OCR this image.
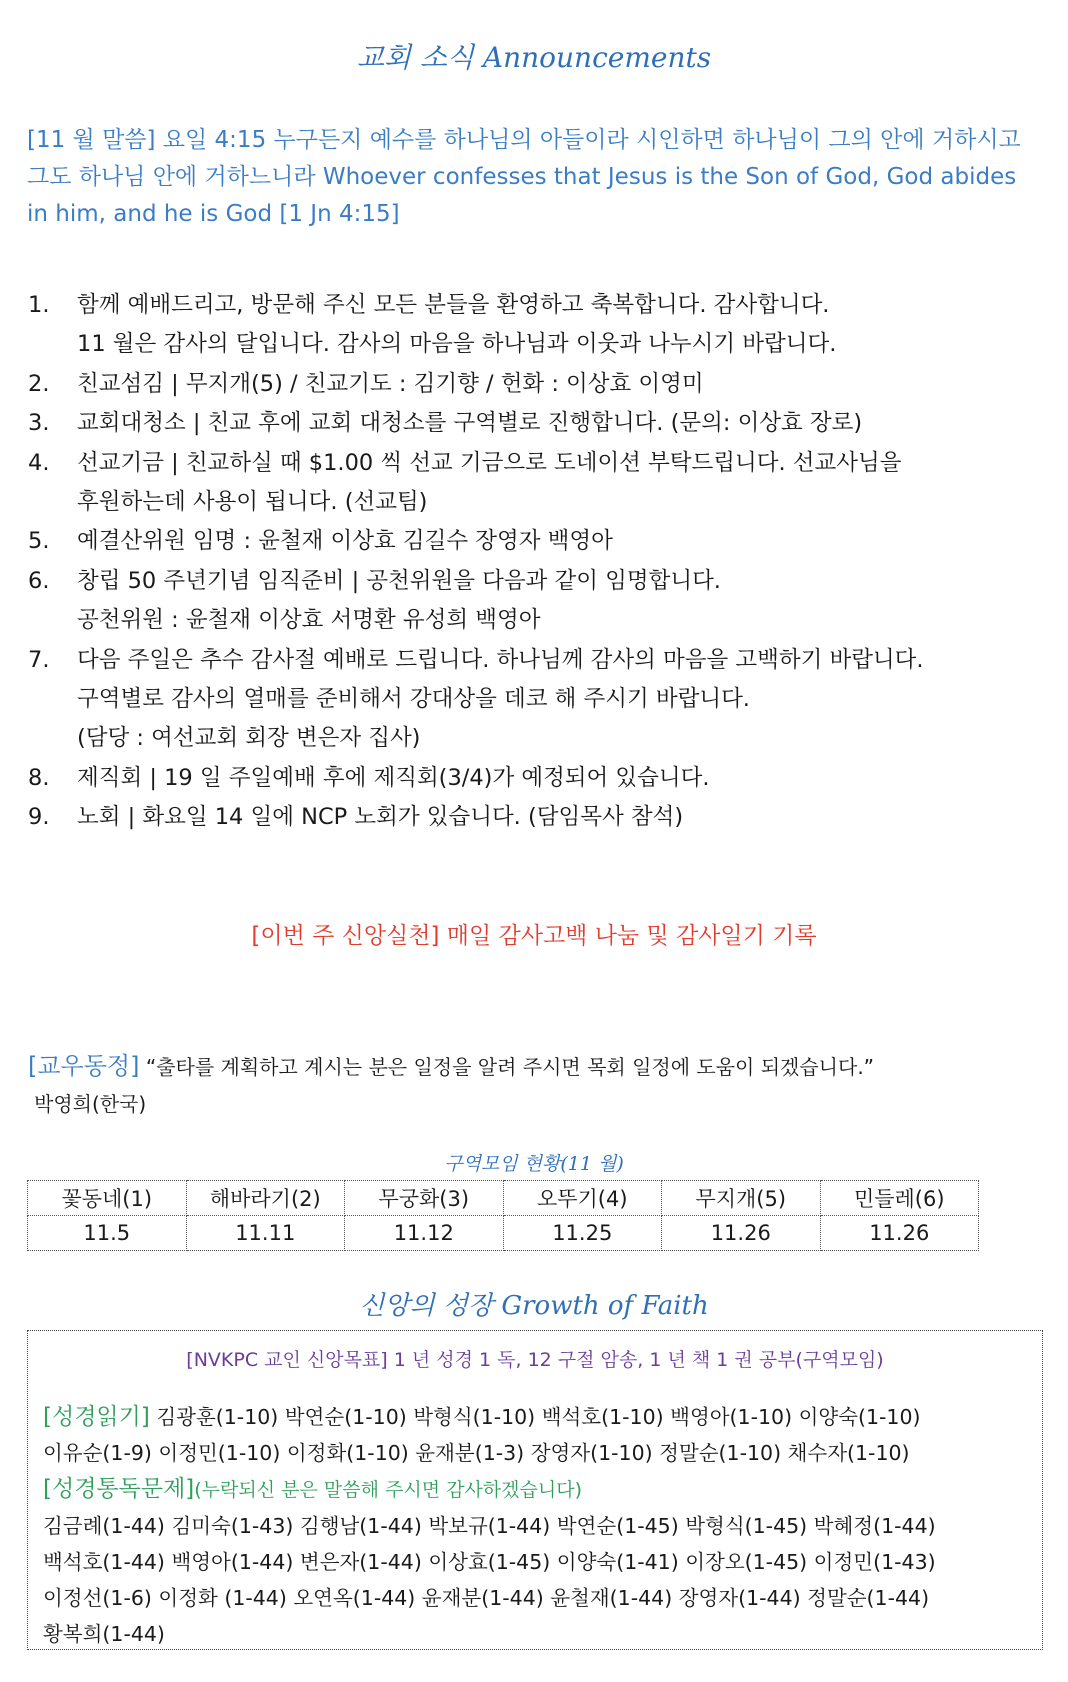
교회 소식 Announcements
[11 월 말씀] 요일 4:15 누구든지 예수를 하나님의 아들이라 시인하면 하나님이 그의 안에 거하시고 그도 하나님 안에 거하느니라 Whoever confesses that Jesus is the Son of God, God abides in him, and he is God [1 Jn 4:15]
1.	함께 예배드리고, 방문해 주신 모든 분들을 환영하고 축복합니다. 감사합니다.
11 월은 감사의 달입니다. 감사의 마음을 하나님과 이웃과 나누시기 바랍니다.
2.	친교섬김 | 무지개(5) / 친교기도 : 김기향 / 헌화 : 이상효 이영미
3.	교회대청소 | 친교 후에 교회 대청소를 구역별로 진행합니다. (문의: 이상효 장로)
4.	선교기금 | 친교하실 때 $1.00 씩 선교 기금으로 도네이션 부탁드립니다. 선교사님을
후원하는데 사용이 됩니다. (선교팀)
5.	예결산위원 임명 : 윤철재 이상효 김길수 장영자 백영아
6.	창립 50 주년기념 임직준비 | 공천위원을 다음과 같이 임명합니다.
공천위원 : 윤철재 이상효 서명환 유성희 백영아
7.	다음 주일은 추수 감사절 예배로 드립니다. 하나님께 감사의 마음을 고백하기 바랍니다.
구역별로 감사의 열매를 준비해서 강대상을 데코 해 주시기 바랍니다.
(담당 : 여선교회 회장 변은자 집사)
8.	제직회 | 19 일 주일예배 후에 제직회(3/4)가 예정되어 있습니다.
9.	노회 | 화요일 14 일에 NCP 노회가 있습니다. (담임목사 참석)
[이번 주 신앙실천] 매일 감사고백 나눔 및 감사일기 기록
[교우동정] “출타를 계획하고 계시는 분은 일정을 알려 주시면 목회 일정에 도움이 되겠습니다.”
박영희(한국)
구역모임 현황(11 월)
꽃동네(1)	해바라기(2)	무궁화(3)	오뚜기(4)	무지개(5)	민들레(6)
11.5	11.11	11.12	11.25	11.26	11.26
신앙의 성장 Growth of Faith
[NVKPC 교인 신앙목표] 1 년 성경 1 독, 12 구절 암송, 1 년 책 1 권 공부(구역모임)
[성경읽기] 김광훈(1-10) 박연순(1-10) 박형식(1-10) 백석호(1-10) 백영아(1-10) 이양숙(1-10)
이유순(1-9) 이정민(1-10) 이정화(1-10) 윤재분(1-3) 장영자(1-10) 정말순(1-10) 채수자(1-10)
[성경통독문제](누락되신 분은 말씀해 주시면 감사하겠습니다)
김금례(1-44) 김미숙(1-43) 김행남(1-44) 박보규(1-44) 박연순(1-45) 박형식(1-45) 박혜정(1-44)
백석호(1-44) 백영아(1-44) 변은자(1-44) 이상효(1-45) 이양숙(1-41) 이장오(1-45) 이정민(1-43)
이정선(1-6) 이정화 (1-44) 오연옥(1-44) 윤재분(1-44) 윤철재(1-44) 장영자(1-44) 정말순(1-44)
황복희(1-44)
